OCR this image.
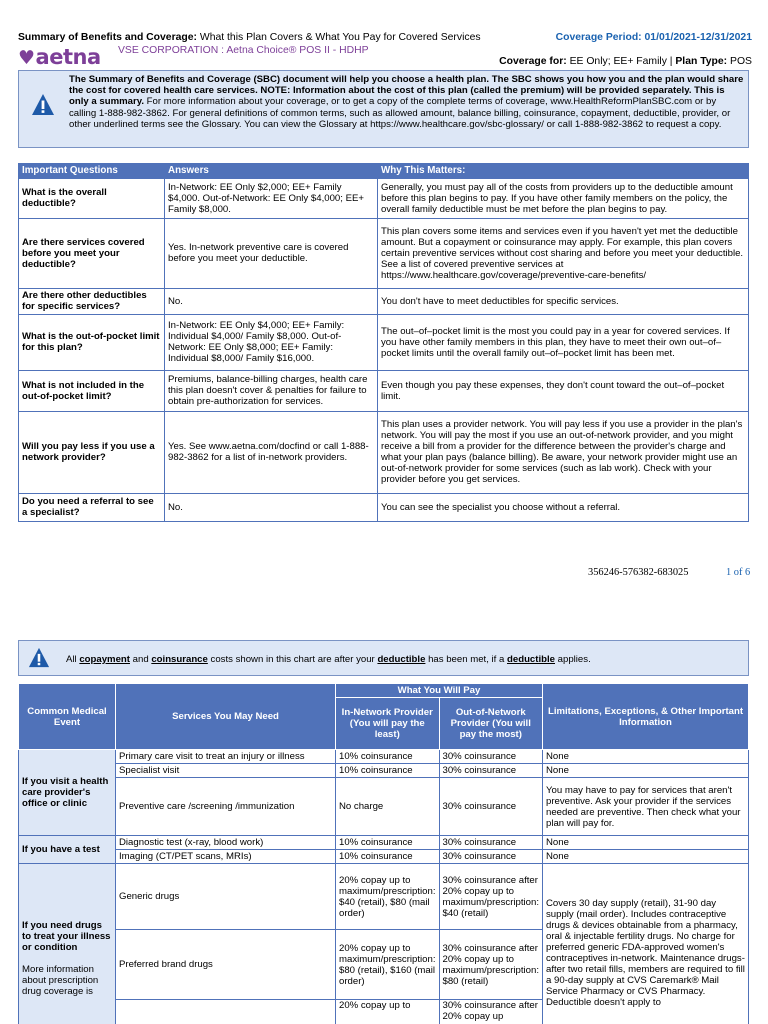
Summary of Benefits and Coverage: What this Plan Covers & What You Pay for Covered Services	Coverage Period: 01/01/2021-12/31/2021
♥aetna VSE CORPORATION : Aetna Choice® POS II - HDHP
Coverage for: EE Only; EE+ Family | Plan Type: POS
The Summary of Benefits and Coverage (SBC) document will help you choose a health plan. The SBC shows you how you and the plan would share the cost for covered health care services. NOTE: Information about the cost of this plan (called the premium) will be provided separately. This is only a summary. For more information about your coverage, or to get a copy of the complete terms of coverage, www.HealthReformPlanSBC.com or by calling 1-888-982-3862. For general definitions of common terms, such as allowed amount, balance billing, coinsurance, copayment, deductible, provider, or other underlined terms see the Glossary. You can view the Glossary at https://www.healthcare.gov/sbc-glossary/ or call 1-888-982-3862 to request a copy.
Important Questions	Answers	Why This Matters:
What is the overall deductible?	In-Network: EE Only $2,000; EE+ Family $4,000. Out-of-Network: EE Only $4,000; EE+ Family $8,000.	Generally, you must pay all of the costs from providers up to the deductible amount before this plan begins to pay. If you have other family members on the policy, the overall family deductible must be met before the plan begins to pay.
Are there services covered before you meet your deductible?	Yes. In-network preventive care is covered before you meet your deductible.	This plan covers some items and services even if you haven't yet met the deductible amount. But a copayment or coinsurance may apply. For example, this plan covers certain preventive services without cost sharing and before you meet your deductible. See a list of covered preventive services at https://www.healthcare.gov/coverage/preventive-care-benefits/
Are there other deductibles for specific services?	No.	You don't have to meet deductibles for specific services.
What is the out-of-pocket limit for this plan?	In-Network: EE Only $4,000; EE+ Family: Individual $4,000/ Family $8,000. Out-of-Network: EE Only $8,000; EE+ Family: Individual $8,000/ Family $16,000.	The out–of–pocket limit is the most you could pay in a year for covered services. If you have other family members in this plan, they have to meet their own out–of–pocket limits until the overall family out–of–pocket limit has been met.
What is not included in the out-of-pocket limit?	Premiums, balance-billing charges, health care this plan doesn't cover & penalties for failure to obtain pre-authorization for services.	Even though you pay these expenses, they don't count toward the out–of–pocket limit.
Will you pay less if you use a network provider?	Yes. See www.aetna.com/docfind or call 1-888-982-3862 for a list of in-network providers.	This plan uses a provider network. You will pay less if you use a provider in the plan's network. You will pay the most if you use an out-of-network provider, and you might receive a bill from a provider for the difference between the provider's charge and what your plan pays (balance billing). Be aware, your network provider might use an out-of-network provider for some services (such as lab work). Check with your provider before you get services.
Do you need a referral to see a specialist?	No.	You can see the specialist you choose without a referral.
356246-576382-683025	1 of 6
All copayment and coinsurance costs shown in this chart are after your deductible has been met, if a deductible applies.
Common Medical Event	Services You May Need	What You Will Pay		Limitations, Exceptions, & Other Important Information
		In-Network Provider (You will pay the least)	Out-of-Network Provider (You will pay the most)	
If you visit a health care provider's office or clinic	Primary care visit to treat an injury or illness	10% coinsurance	30% coinsurance	None
	Specialist visit	10% coinsurance	30% coinsurance	None
	Preventive care /screening /immunization	No charge	30% coinsurance	You may have to pay for services that aren't preventive. Ask your provider if the services needed are preventive. Then check what your plan will pay for.
If you have a test	Diagnostic test (x-ray, blood work)	10% coinsurance	30% coinsurance	None
	Imaging (CT/PET scans, MRIs)	10% coinsurance	30% coinsurance	None

If you need drugs to treat your illness or condition
More information about prescription drug coverage is	Generic drugs	20% copay up to maximum/prescription: $40 (retail), $80 (mail order)	30% coinsurance after 20% copay up to maximum/prescription: $40 (retail)	Covers 30 day supply (retail), 31-90 day supply (mail order). Includes contraceptive drugs & devices obtainable from a pharmacy, oral & injectable fertility drugs. No charge for preferred generic FDA-approved women's contraceptives in-network. Maintenance drugs- after two retail fills, members are required to fill a 90-day supply at CVS Caremark® Mail Service Pharmacy or CVS Pharmacy. Deductible doesn't apply to
	Preferred brand drugs	20% copay up to maximum/prescription: $80 (retail), $160 (mail order)	30% coinsurance after 20% copay up to maximum/prescription: $80 (retail)	
		20% copay up to	30% coinsurance after 20% copay up	
